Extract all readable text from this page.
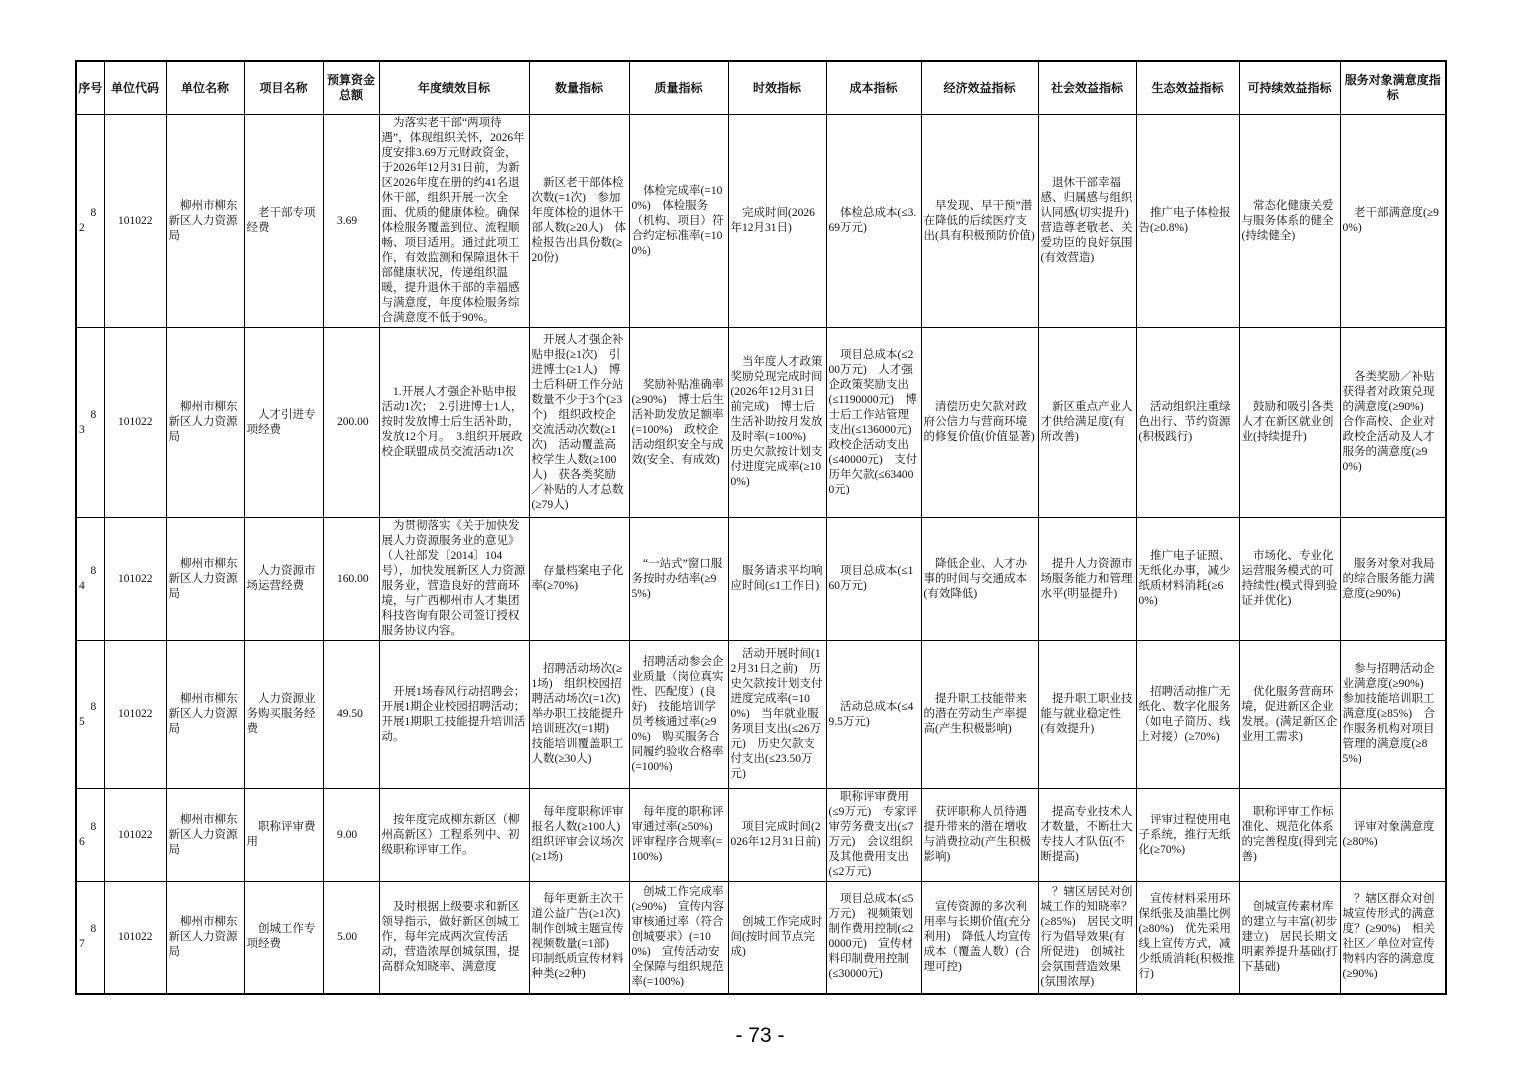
序号	单位代码	单位名称	项目名称	预算资金总额	年度绩效目标	数量指标	质量指标	时效指标	成本指标	经济效益指标	社会效益指标	生态效益指标	可持续效益指标	服务对象满意度指标
82	101022	柳州市柳东新区人力资源局	老干部专项经费	3.69	为落实老干部“两项待遇”，体现组织关怀，2026年度安排3.69万元财政资金，于2026年12月31日前，为新区2026年度在册的约41名退休干部，组织开展一次全面、优质的健康体检。确保体检服务覆盖到位、流程顺畅、项目适用。通过此项工作，有效监测和保障退休干部健康状况，传递组织温暖，提升退休干部的幸福感与满意度，年度体检服务综合满意度不低于90%。	新区老干部体检次数(=1次)　参加年度体检的退休干部人数(≥20人)　体检报告出具份数(≥20份)	体检完成率(=100%)　体检服务（机构、项目）符合约定标准率(=100%)	完成时间(2026年12月31日)	体检总成本(≤3.69万元)	早发现、早干预”潜在降低的后续医疗支出(具有积极预防价值)	退休干部幸福感、归属感与组织认同感(切实提升)　营造尊老敬老、关爱功臣的良好氛围(有效营造)	推广电子体检报告(≥0.8%)	常态化健康关爱与服务体系的健全(持续健全)	老干部满意度(≥90%)
83	101022	柳州市柳东新区人力资源局	人才引进专项经费	200.00	1.开展人才强企补贴申报活动1次；　2.引进博士1人，按时发放博士后生活补助，发放12个月。　3.组织开展政校企联盟成员交流活动1次	开展人才强企补贴申报(≥1次)　引进博士(≥1人)　博士后科研工作分站数量不少于3个(≥3个)　组织政校企交流活动次数(≥1次)　活动覆盖高校学生人数(≥100人)　获各类奖励／补贴的人才总数(≥79人)	奖励补贴准确率(≥90%)　博士后生活补助发放足额率(=100%)　政校企活动组织安全与成效(安全、有成效)	当年度人才政策奖励兑现完成时间(2026年12月31日前完成)　博士后生活补助按月发放及时率(=100%)　历史欠款按计划支付进度完成率(≥100%)	项目总成本(≤200万元)　人才强企政策奖励支出(≤1190000元)　博士后工作站管理支出(≤136000元)　政校企活动支出(≤40000元)　支付历年欠款(≤634000元)	清偿历史欠款对政府公信力与营商环境的修复价值(价值显著)	新区重点产业人才供给满足度(有所改善)	活动组织注重绿色出行、节约资源(积极践行)	鼓励和吸引各类人才在新区就业创业(持续提升)	各类奖励／补贴获得者对政策兑现的满意度(≥90%)　合作高校、企业对政校企活动及人才服务的满意度(≥90%)
84	101022	柳州市柳东新区人力资源局	人力资源市场运营经费	160.00	为贯彻落实《关于加快发展人力资源服务业的意见》（人社部发〔2014〕104号），加快发展新区人力资源服务业，营造良好的营商环境，与广西柳州市人才集团科技咨询有限公司签订授权服务协议内容。	存量档案电子化率(≥70%)	“一站式”窗口服务按时办结率(≥95%)	服务请求平均响应时间(≤1工作日)	项目总成本(≤160万元)	降低企业、人才办事的时间与交通成本(有效降低)	提升人力资源市场服务能力和管理水平(明显提升)	推广电子证照、无纸化办事，减少纸质材料消耗(≥60%)	市场化、专业化运营服务模式的可持续性(模式得到验证并优化)	服务对象对我局的综合服务能力满意度(≥90%)
85	101022	柳州市柳东新区人力资源局	人力资源业务购买服务经费	49.50	开展1场春风行动招聘会；开展1期企业校园招聘活动；开展1期职工技能提升培训活动。	招聘活动场次(≥1场)　组织校园招聘活动场次(=1次)　举办职工技能提升培训班次(=1期)　技能培训覆盖职工人数(≥30人)	招聘活动参会企业质量（岗位真实性、匹配度）(良好)　技能培训学员考核通过率(≥90%)　购买服务合同履约验收合格率(=100%)	活动开展时间(12月31日之前)　历史欠款按计划支付进度完成率(=100%)　当年就业服务项目支出(≤26万元)　历史欠款支付支出(≤23.50万元)	活动总成本(≤49.5万元)	提升职工技能带来的潜在劳动生产率提高(产生积极影响)	提升职工职业技能与就业稳定性(有效提升)	招聘活动推广无纸化、数字化服务（如电子简历、线上对接）(≥70%)	优化服务营商环境，促进新区企业发展。(满足新区企业用工需求)	参与招聘活动企业满意度(≥90%)　参加技能培训职工满意度(≥85%)　合作服务机构对项目管理的满意度(≥85%)
86	101022	柳州市柳东新区人力资源局	职称评审费用	9.00	按年度完成柳东新区（柳州高新区）工程系列中、初级职称评审工作。	每年度职称评审报名人数(≥100人)　组织评审会议场次(≥1场)	每年度的职称评审通过率(≥50%)　评审程序合规率(=100%)	项目完成时间(2026年12月31日前)	职称评审费用(≤9万元)　专家评审劳务费支出(≤7万元)　会议组织及其他费用支出(≤2万元)	获评职称人员待遇提升带来的潜在增收与消费拉动(产生积极影响)	提高专业技术人才数量，不断壮大专技人才队伍(不断提高)	评审过程使用电子系统，推行无纸化(≥70%)	职称评审工作标准化、规范化体系的完善程度(得到完善)	评审对象满意度(≥80%)
87	101022	柳州市柳东新区人力资源局	创城工作专项经费	5.00	及时根据上级要求和新区领导指示，做好新区创城工作，每年完成两次宣传活动，营造浓厚创城氛围，提高群众知晓率、满意度	每年更新主次干道公益广告(≥1次)　制作创城主题宣传视频数量(=1部)　印制纸质宣传材料种类(≥2种)	创城工作完成率(≥90%)　宣传内容审核通过率（符合创城要求）(=100%)　宣传活动安全保障与组织规范率(=100%)	创城工作完成时间(按时间节点完成)	项目总成本(≤5万元)　视频策划制作费用控制(≤20000元)　宣传材料印制费用控制(≤30000元)	宣传资源的多次利用率与长期价值(充分利用)　降低人均宣传成本（覆盖人数）(合理可控)	？辖区居民对创城工作的知晓率？(≥85%)　居民文明行为倡导效果(有所促进)　创城社会氛围营造效果(氛围浓厚)	宣传材料采用环保纸张及油墨比例(≥80%)　优先采用线上宣传方式，减少纸质消耗(积极推行)	创城宣传素材库的建立与丰富(初步建立)　居民长期文明素养提升基础(打下基础)	？辖区群众对创城宣传形式的满意度？(≥90%)　相关社区／单位对宣传物料内容的满意度(≥90%)
- 73 -
